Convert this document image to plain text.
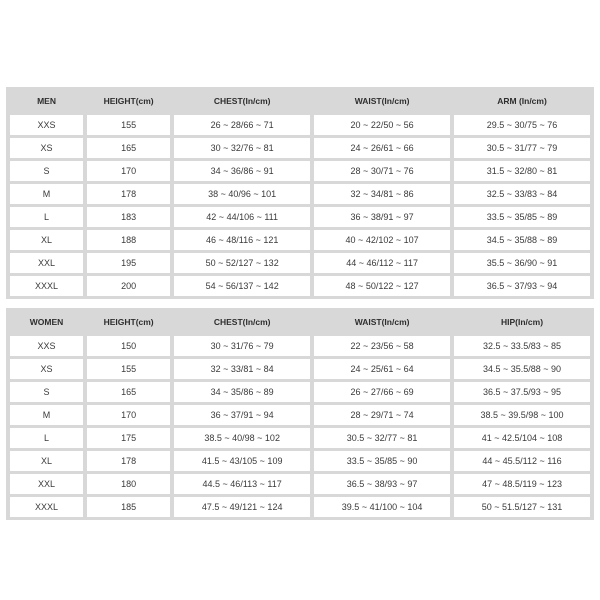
MEN	HEIGHT(cm)	CHEST(In/cm)	WAIST(In/cm)	ARM (In/cm)
XXS	155	26 ~ 28/66 ~ 71	20 ~ 22/50 ~ 56	29.5 ~ 30/75 ~ 76
XS	165	30 ~ 32/76 ~ 81	24 ~ 26/61 ~ 66	30.5 ~ 31/77 ~ 79
S	170	34 ~ 36/86 ~ 91	28 ~ 30/71 ~ 76	31.5 ~ 32/80 ~ 81
M	178	38 ~ 40/96 ~ 101	32 ~ 34/81 ~ 86	32.5 ~ 33/83 ~ 84
L	183	42 ~ 44/106 ~ 111	36 ~ 38/91 ~ 97	33.5 ~ 35/85 ~ 89
XL	188	46 ~ 48/116 ~ 121	40 ~ 42/102 ~ 107	34.5 ~ 35/88 ~ 89
XXL	195	50 ~ 52/127 ~ 132	44 ~ 46/112 ~ 117	35.5 ~ 36/90 ~ 91
XXXL	200	54 ~ 56/137 ~ 142	48 ~ 50/122 ~ 127	36.5 ~ 37/93 ~ 94
WOMEN	HEIGHT(cm)	CHEST(In/cm)	WAIST(In/cm)	HIP(In/cm)
XXS	150	30 ~ 31/76 ~ 79	22 ~ 23/56 ~ 58	32.5 ~ 33.5/83 ~ 85
XS	155	32 ~ 33/81 ~ 84	24 ~ 25/61 ~ 64	34.5 ~ 35.5/88 ~ 90
S	165	34 ~ 35/86 ~ 89	26 ~ 27/66 ~ 69	36.5 ~ 37.5/93 ~ 95
M	170	36 ~ 37/91 ~ 94	28 ~ 29/71 ~ 74	38.5 ~ 39.5/98 ~ 100
L	175	38.5 ~ 40/98 ~ 102	30.5 ~ 32/77 ~ 81	41 ~ 42.5/104 ~ 108
XL	178	41.5 ~ 43/105 ~ 109	33.5 ~ 35/85 ~ 90	44 ~ 45.5/112 ~ 116
XXL	180	44.5 ~ 46/113 ~ 117	36.5 ~ 38/93 ~ 97	47 ~ 48.5/119 ~ 123
XXXL	185	47.5 ~ 49/121 ~ 124	39.5 ~ 41/100 ~ 104	50 ~ 51.5/127 ~ 131
